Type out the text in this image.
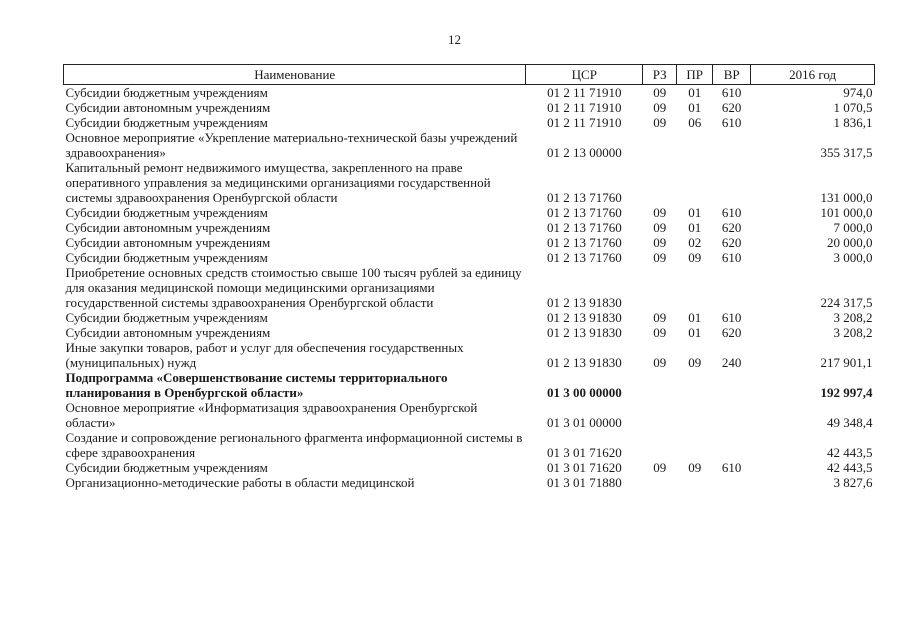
12
Наименование	ЦСР	РЗ	ПР	ВР	2016 год
Субсидии бюджетным учреждениям	01 2 11 71910	09	01	610	974,0
Субсидии автономным учреждениям	01 2 11 71910	09	01	620	1 070,5
Субсидии бюджетным учреждениям	01 2 11 71910	09	06	610	1 836,1
Основное мероприятие «Укрепление материально-технической базы учреждений здравоохранения»	01 2 13 00000				355 317,5
Капитальный ремонт недвижимого имущества, закрепленного на праве оперативного управления за медицинскими организациями государственной системы здравоохранения Оренбургской области	01 2 13 71760				131 000,0
Субсидии бюджетным учреждениям	01 2 13 71760	09	01	610	101 000,0
Субсидии автономным учреждениям	01 2 13 71760	09	01	620	7 000,0
Субсидии автономным учреждениям	01 2 13 71760	09	02	620	20 000,0
Субсидии бюджетным учреждениям	01 2 13 71760	09	09	610	3 000,0
Приобретение основных средств стоимостью свыше 100 тысяч рублей за единицу для оказания медицинской помощи медицинскими организациями государственной системы здравоохранения Оренбургской области	01 2 13 91830				224 317,5
Субсидии бюджетным учреждениям	01 2 13 91830	09	01	610	3 208,2
Субсидии автономным учреждениям	01 2 13 91830	09	01	620	3 208,2
Иные закупки товаров, работ и услуг для обеспечения государственных (муниципальных) нужд	01 2 13 91830	09	09	240	217 901,1
Подпрограмма «Совершенствование системы территориального планирования в Оренбургской области»	01 3 00 00000				192 997,4
Основное мероприятие «Информатизация здравоохранения Оренбургской области»	01 3 01 00000				49 348,4
Создание и сопровождение регионального фрагмента информационной системы в сфере здравоохранения	01 3 01 71620				42 443,5
Субсидии бюджетным учреждениям	01 3 01 71620	09	09	610	42 443,5
Организационно-методические работы в области медицинской	01 3 01 71880				3 827,6
